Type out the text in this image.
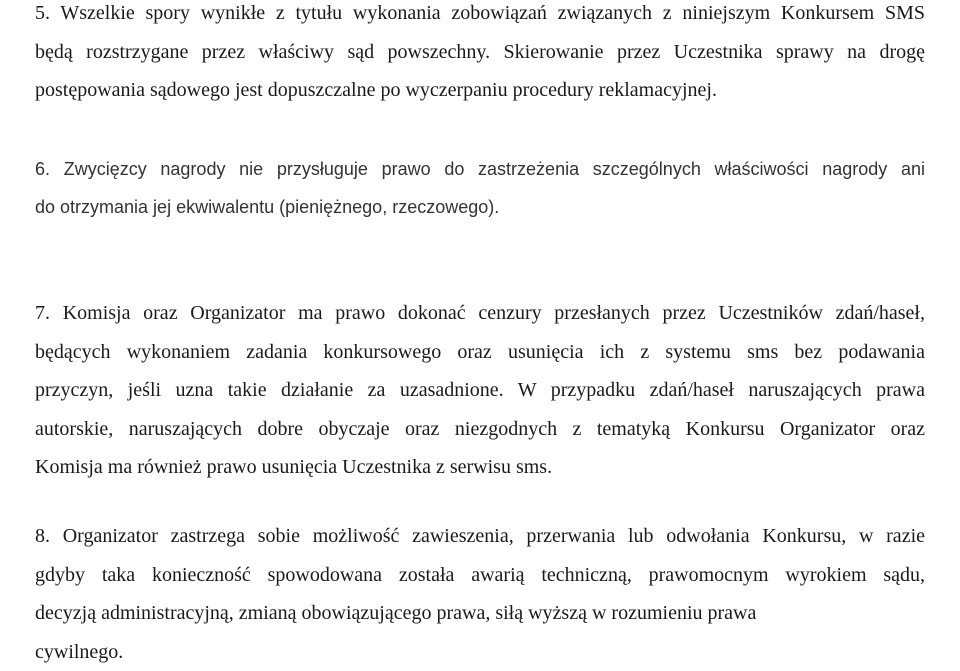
5. Wszelkie spory wynikłe z tytułu wykonania zobowiązań związanych z niniejszym Konkursem SMS
będą rozstrzygane przez właściwy sąd powszechny. Skierowanie przez Uczestnika sprawy na drogę
postępowania sądowego jest dopuszczalne po wyczerpaniu procedury reklamacyjnej.
6. Zwycięzcy nagrody nie przysługuje prawo do zastrzeżenia szczególnych właściwości nagrody ani
do otrzymania jej ekwiwalentu (pieniężnego, rzeczowego).
7. Komisja oraz Organizator ma prawo dokonać cenzury przesłanych przez Uczestników zdań/haseł,
będących wykonaniem zadania konkursowego oraz usunięcia ich z systemu sms bez podawania
przyczyn, jeśli uzna takie działanie za uzasadnione. W przypadku zdań/haseł naruszających prawa
autorskie, naruszających dobre obyczaje oraz niezgodnych z tematyką Konkursu Organizator oraz
Komisja ma również prawo usunięcia Uczestnika z serwisu sms.
8. Organizator zastrzega sobie możliwość zawieszenia, przerwania lub odwołania Konkursu, w razie
gdyby taka konieczność spowodowana została awarią techniczną, prawomocnym wyrokiem sądu,
decyzją administracyjną, zmianą obowiązującego prawa, siłą wyższą w rozumieniu prawa
cywilnego.
